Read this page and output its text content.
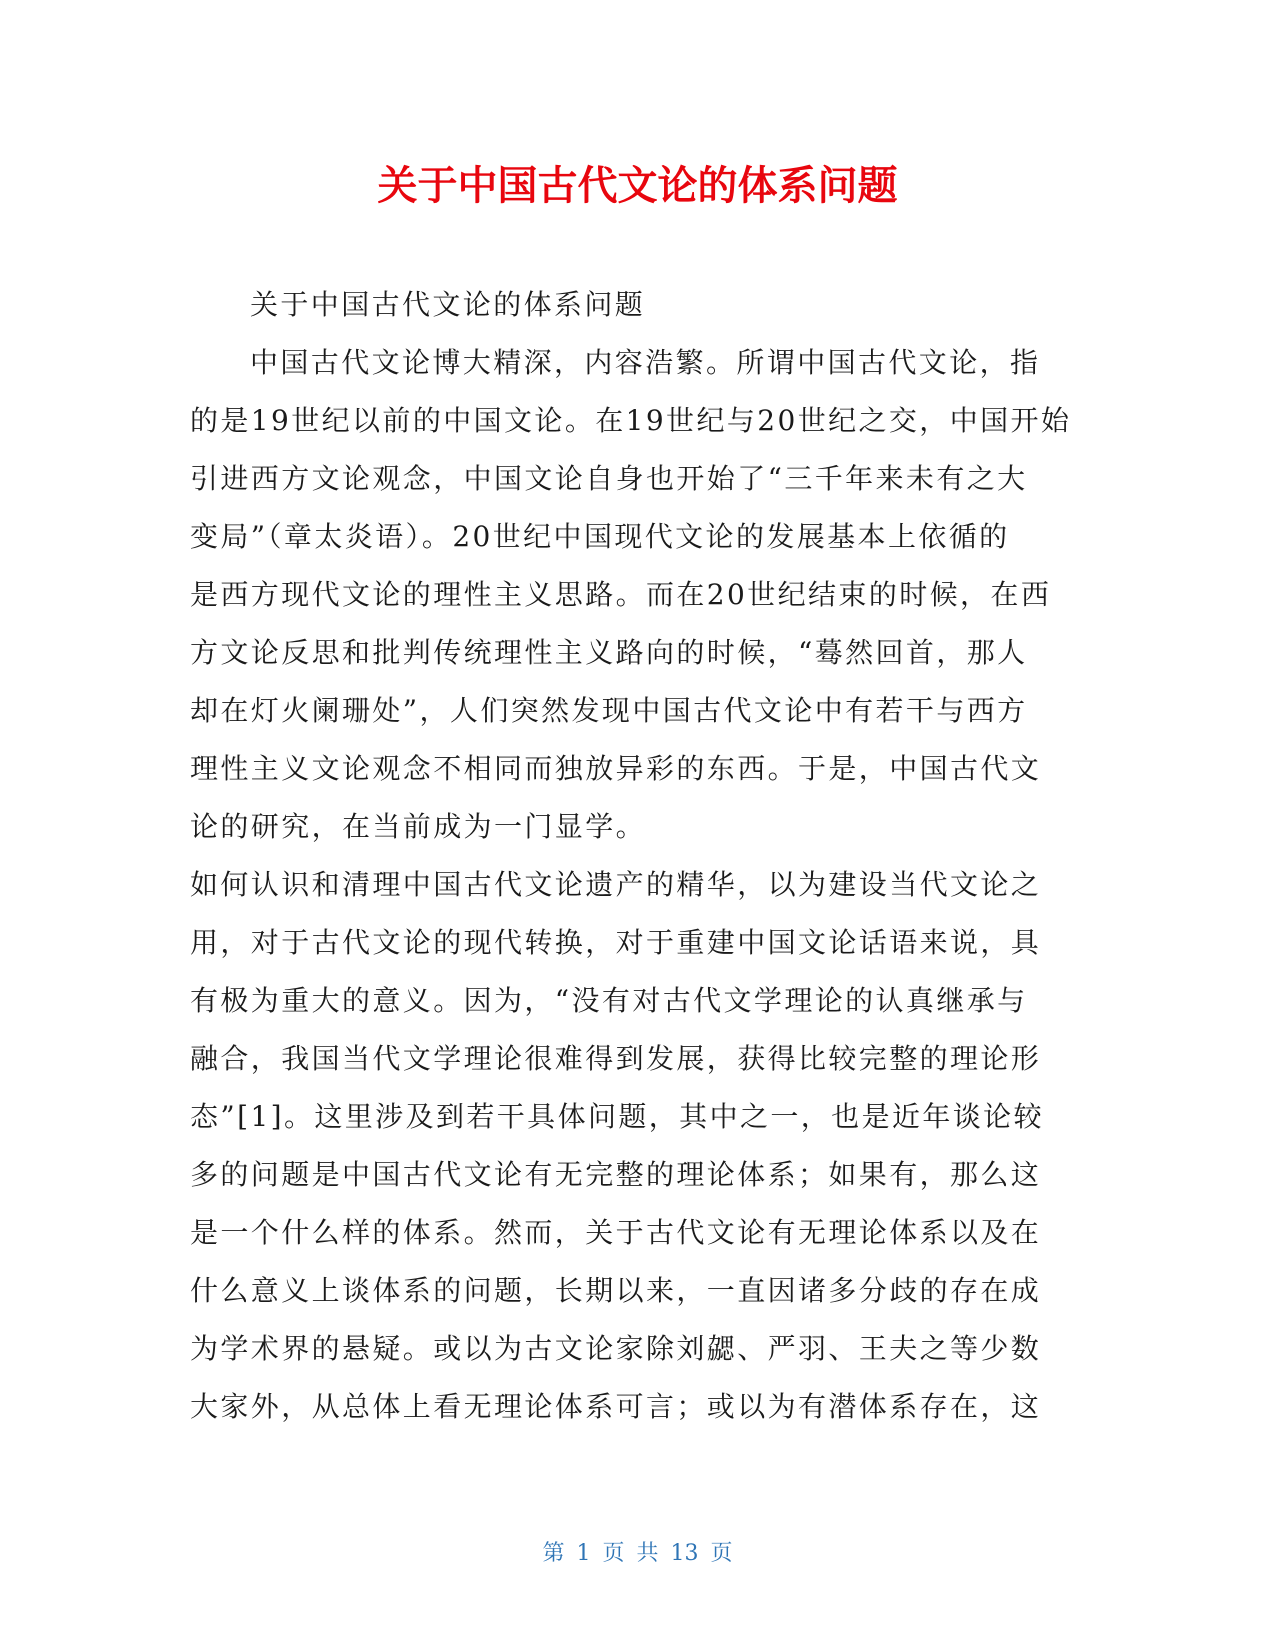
关于中国古代文论的体系问题

关于中国古代文论的体系问题

中国古代文论博大精深，内容浩繁。所谓中国古代文论，指

的是19世纪以前的中国文论。在19世纪与20世纪之交，中国开始

引进西方文论观念，中国文论自身也开始了“三千年来未有之大

变局”（章太炎语）。20世纪中国现代文论的发展基本上依循的

是西方现代文论的理性主义思路。而在20世纪结束的时候，在西

方文论反思和批判传统理性主义路向的时候，“蓦然回首，那人

却在灯火阑珊处”，人们突然发现中国古代文论中有若干与西方

理性主义文论观念不相同而独放异彩的东西。于是，中国古代文

论的研究，在当前成为一门显学。

如何认识和清理中国古代文论遗产的精华，以为建设当代文论之

用，对于古代文论的现代转换，对于重建中国文论话语来说，具

有极为重大的意义。因为，“没有对古代文学理论的认真继承与

融合，我国当代文学理论很难得到发展，获得比较完整的理论形

态”[1]。这里涉及到若干具体问题，其中之一，也是近年谈论较

多的问题是中国古代文论有无完整的理论体系；如果有，那么这

是一个什么样的体系。然而，关于古代文论有无理论体系以及在

什么意义上谈体系的问题，长期以来，一直因诸多分歧的存在成

为学术界的悬疑。或以为古文论家除刘勰、严羽、王夫之等少数

大家外，从总体上看无理论体系可言；或以为有潜体系存在，这

第 1 页 共 13 页
